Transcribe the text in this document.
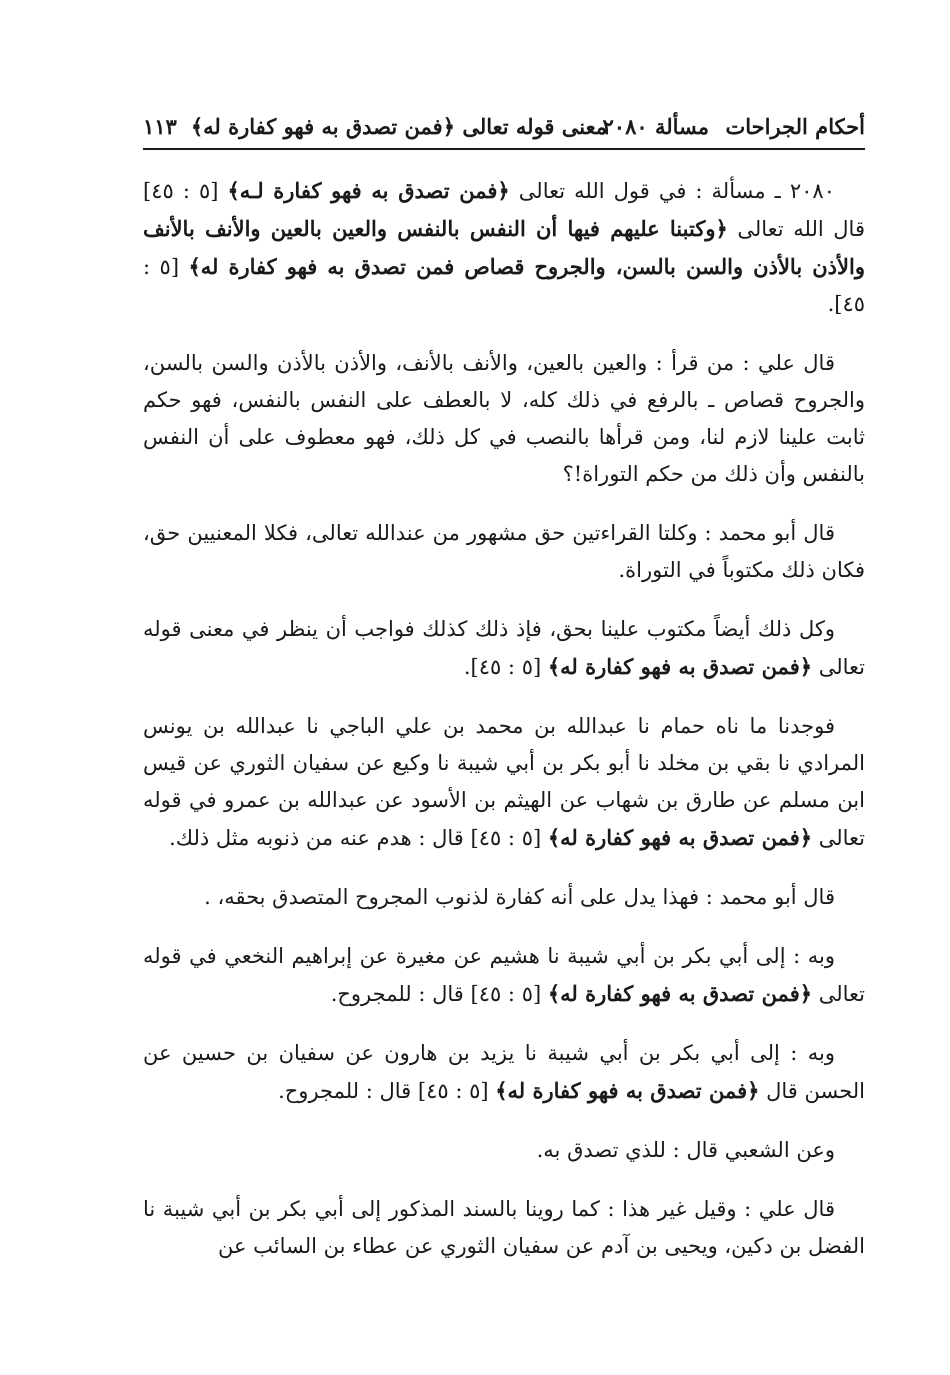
أحكام الجراحات
مسألة ٢٠٨٠
معنى قوله تعالى ﴿فمن تصدق به فهو كفارة له﴾
١١٣

٢٠٨٠ ـ مسألة : في قول الله تعالى ﴿فمن تصدق به فهو كفارة لـه﴾ [٥ : ٤٥] قال الله تعالى ﴿وكتبنا عليهم فيها أن النفس بالنفس والعين بالعين والأنف بالأنف والأذن بالأذن والسن بالسن، والجروح قصاص فمن تصدق به فهو كفارة له﴾ [٥ : ٤٥].

قال علي : من قرأ : والعين بالعين، والأنف بالأنف، والأذن بالأذن والسن بالسن، والجروح قصاص ـ بالرفع في ذلك كله، لا بالعطف على النفس بالنفس، فهو حكم ثابت علينا لازم لنا، ومن قرأها بالنصب في كل ذلك، فهو معطوف على أن النفس بالنفس وأن ذلك من حكم التوراة!؟

قال أبو محمد : وكلتا القراءتين حق مشهور من عندالله تعالى، فكلا المعنيين حق، فكان ذلك مكتوباً في التوراة.

وكل ذلك أيضاً مكتوب علينا بحق، فإذ ذلك كذلك فواجب أن ينظر في معنى قوله تعالى ﴿فمن تصدق به فهو كفارة له﴾ [٥ : ٤٥].

فوجدنا ما ناه حمام نا عبدالله بن محمد بن علي الباجي نا عبدالله بن يونس المرادي نا بقي بن مخلد نا أبو بكر بن أبي شيبة نا وكيع عن سفيان الثوري عن قيس ابن مسلم عن طارق بن شهاب عن الهيثم بن الأسود عن عبدالله بن عمرو في قوله تعالى ﴿فمن تصدق به فهو كفارة له﴾ [٥ : ٤٥] قال : هدم عنه من ذنوبه مثل ذلك.

قال أبو محمد : فهذا يدل على أنه كفارة لذنوب المجروح المتصدق بحقه، .

وبه : إلى أبي بكر بن أبي شيبة نا هشيم عن مغيرة عن إبراهيم النخعي في قوله تعالى ﴿فمن تصدق به فهو كفارة له﴾ [٥ : ٤٥] قال : للمجروح.

وبه : إلى أبي بكر بن أبي شيبة نا يزيد بن هارون عن سفيان بن حسين عن الحسن قال ﴿فمن تصدق به فهو كفارة له﴾ [٥ : ٤٥] قال : للمجروح.

وعن الشعبي قال : للذي تصدق به.

قال علي : وقيل غير هذا : كما روينا بالسند المذكور إلى أبي بكر بن أبي شيبة نا الفضل بن دكين، ويحيى بن آدم عن سفيان الثوري عن عطاء بن السائب عن
